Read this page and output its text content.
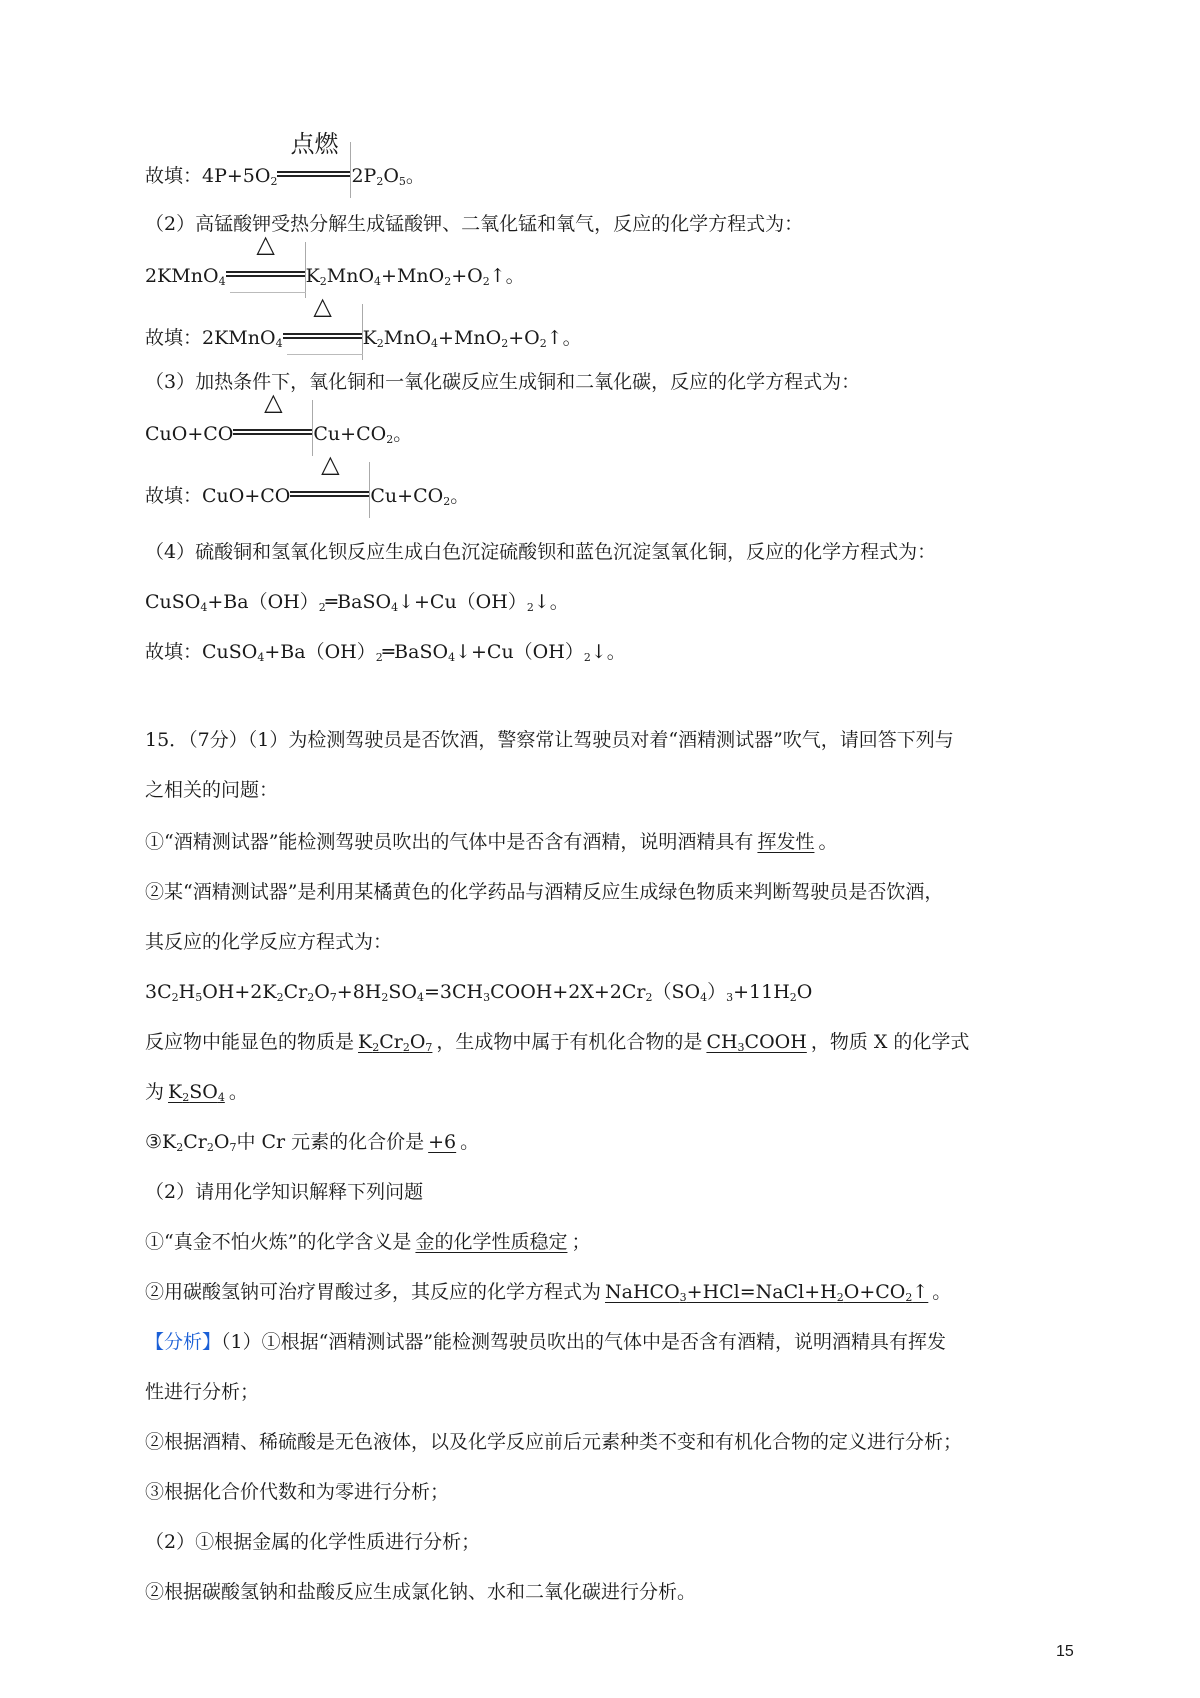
故填：$4P+5O_2$
点燃
$2P_2O_5$。
（2）高锰酸钾受热分解生成锰酸钾、二氧化锰和氧气，反应的化学方程式为：
2KMnO$_4$
△
$K_2MnO_4+MnO_2+O_2↑$。
故填：2KMnO$_4$
△
$K_2MnO_4+MnO_2+O_2↑$。
（3）加热条件下，氧化铜和一氧化碳反应生成铜和二氧化碳，反应的化学方程式为：
CuO+CO
△
$Cu+CO_2$。
故填：CuO+CO
△
$Cu+CO_2$。
（4）硫酸铜和氢氧化钡反应生成白色沉淀硫酸钡和蓝色沉淀氢氧化铜，反应的化学方程式为：
$CuSO_4+Ba(OH)_2═BaSO_4↓+Cu(OH)_2↓$。
故填：$CuSO_4+Ba(OH)_2═BaSO_4↓+Cu(OH)_2↓$。
15．（7分）（1）为检测驾驶员是否饮酒，警察常让驾驶员对着“酒精测试器”吹气，请回答下列与
之相关的问题：
①“酒精测试器”能检测驾驶员吹出的气体中是否含有酒精，说明酒精具有 挥发性 。
②某“酒精测试器”是利用某橘黄色的化学药品与酒精反应生成绿色物质来判断驾驶员是否饮酒，
其反应的化学反应方程式为：
$3C_2H_5OH+2K_2Cr_2O_7+8H_2SO_4=3CH_3COOH+2X+2Cr_2(SO_4)_3+11H_2O$
反应物中能显色的物质是 $K_2Cr_2O_7$ ，生成物中属于有机化合物的是 $CH_3COOH$ ，物质 X 的化学式
为 $K_2SO_4$ 。
$③K_2Cr_2O_7$中 Cr 元素的化合价是 +6 。
（2）请用化学知识解释下列问题
①“真金不怕火炼”的化学含义是 金的化学性质稳定 ；
②用碳酸氢钠可治疗胃酸过多，其反应的化学方程式为 $NaHCO_3+HCl=NaCl+H_2O+CO_2↑$ 。
【分析】（1）①根据“酒精测试器”能检测驾驶员吹出的气体中是否含有酒精，说明酒精具有挥发
性进行分析；
②根据酒精、稀硫酸是无色液体，以及化学反应前后元素种类不变和有机化合物的定义进行分析；
③根据化合价代数和为零进行分析；
（2）①根据金属的化学性质进行分析；
②根据碳酸氢钠和盐酸反应生成氯化钠、水和二氧化碳进行分析。
15
